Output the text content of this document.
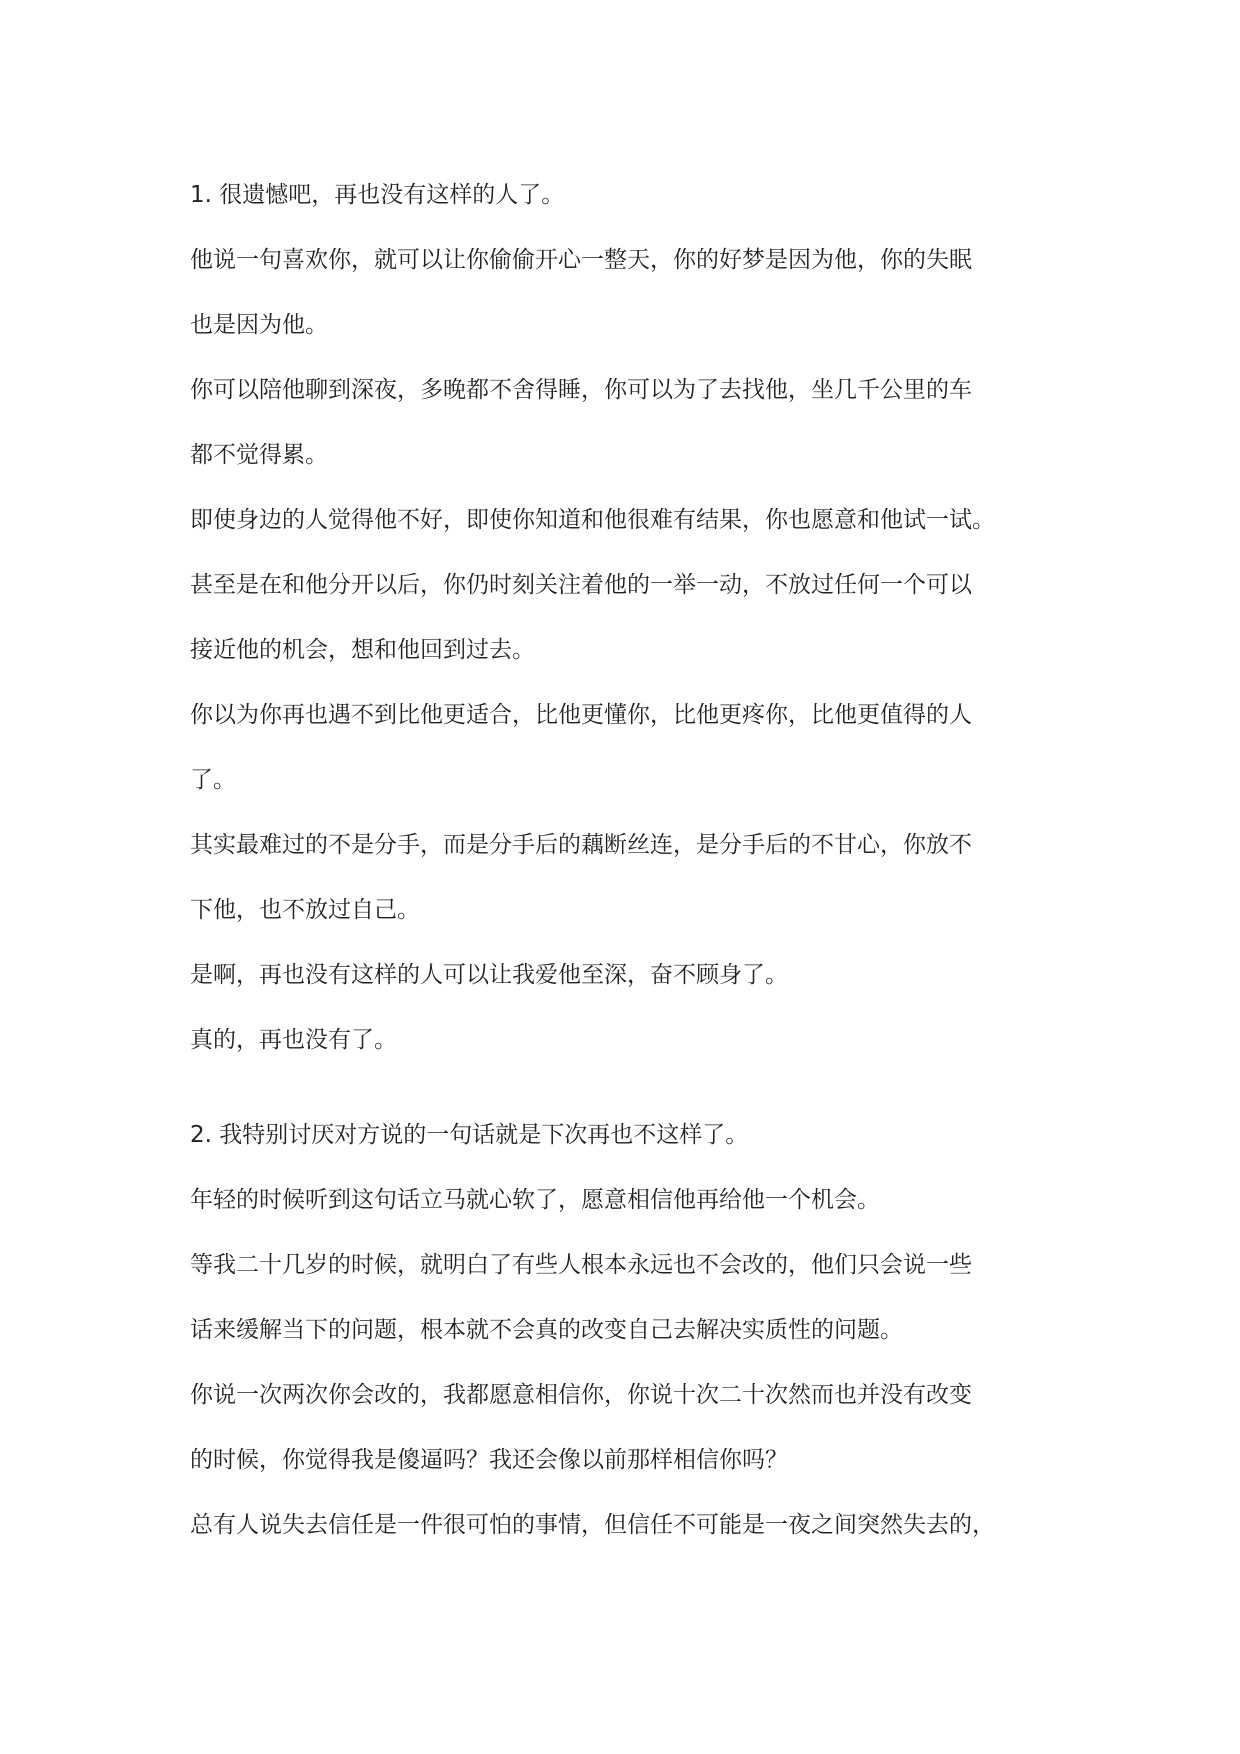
1. 很遗憾吧，再也没有这样的人了。

他说一句喜欢你，就可以让你偷偷开心一整天，你的好梦是因为他，你的失眠

也是因为他。

你可以陪他聊到深夜，多晚都不舍得睡，你可以为了去找他，坐几千公里的车

都不觉得累。

即使身边的人觉得他不好，即使你知道和他很难有结果，你也愿意和他试一试。

甚至是在和他分开以后，你仍时刻关注着他的一举一动，不放过任何一个可以

接近他的机会，想和他回到过去。

你以为你再也遇不到比他更适合，比他更懂你，比他更疼你，比他更值得的人

了。

其实最难过的不是分手，而是分手后的藕断丝连，是分手后的不甘心，你放不

下他，也不放过自己。

是啊，再也没有这样的人可以让我爱他至深，奋不顾身了。

真的，再也没有了。

2. 我特别讨厌对方说的一句话就是下次再也不这样了。

年轻的时候听到这句话立马就心软了，愿意相信他再给他一个机会。

等我二十几岁的时候，就明白了有些人根本永远也不会改的，他们只会说一些

话来缓解当下的问题，根本就不会真的改变自己去解决实质性的问题。

你说一次两次你会改的，我都愿意相信你，你说十次二十次然而也并没有改变

的时候，你觉得我是傻逼吗？我还会像以前那样相信你吗？

总有人说失去信任是一件很可怕的事情，但信任不可能是一夜之间突然失去的，
